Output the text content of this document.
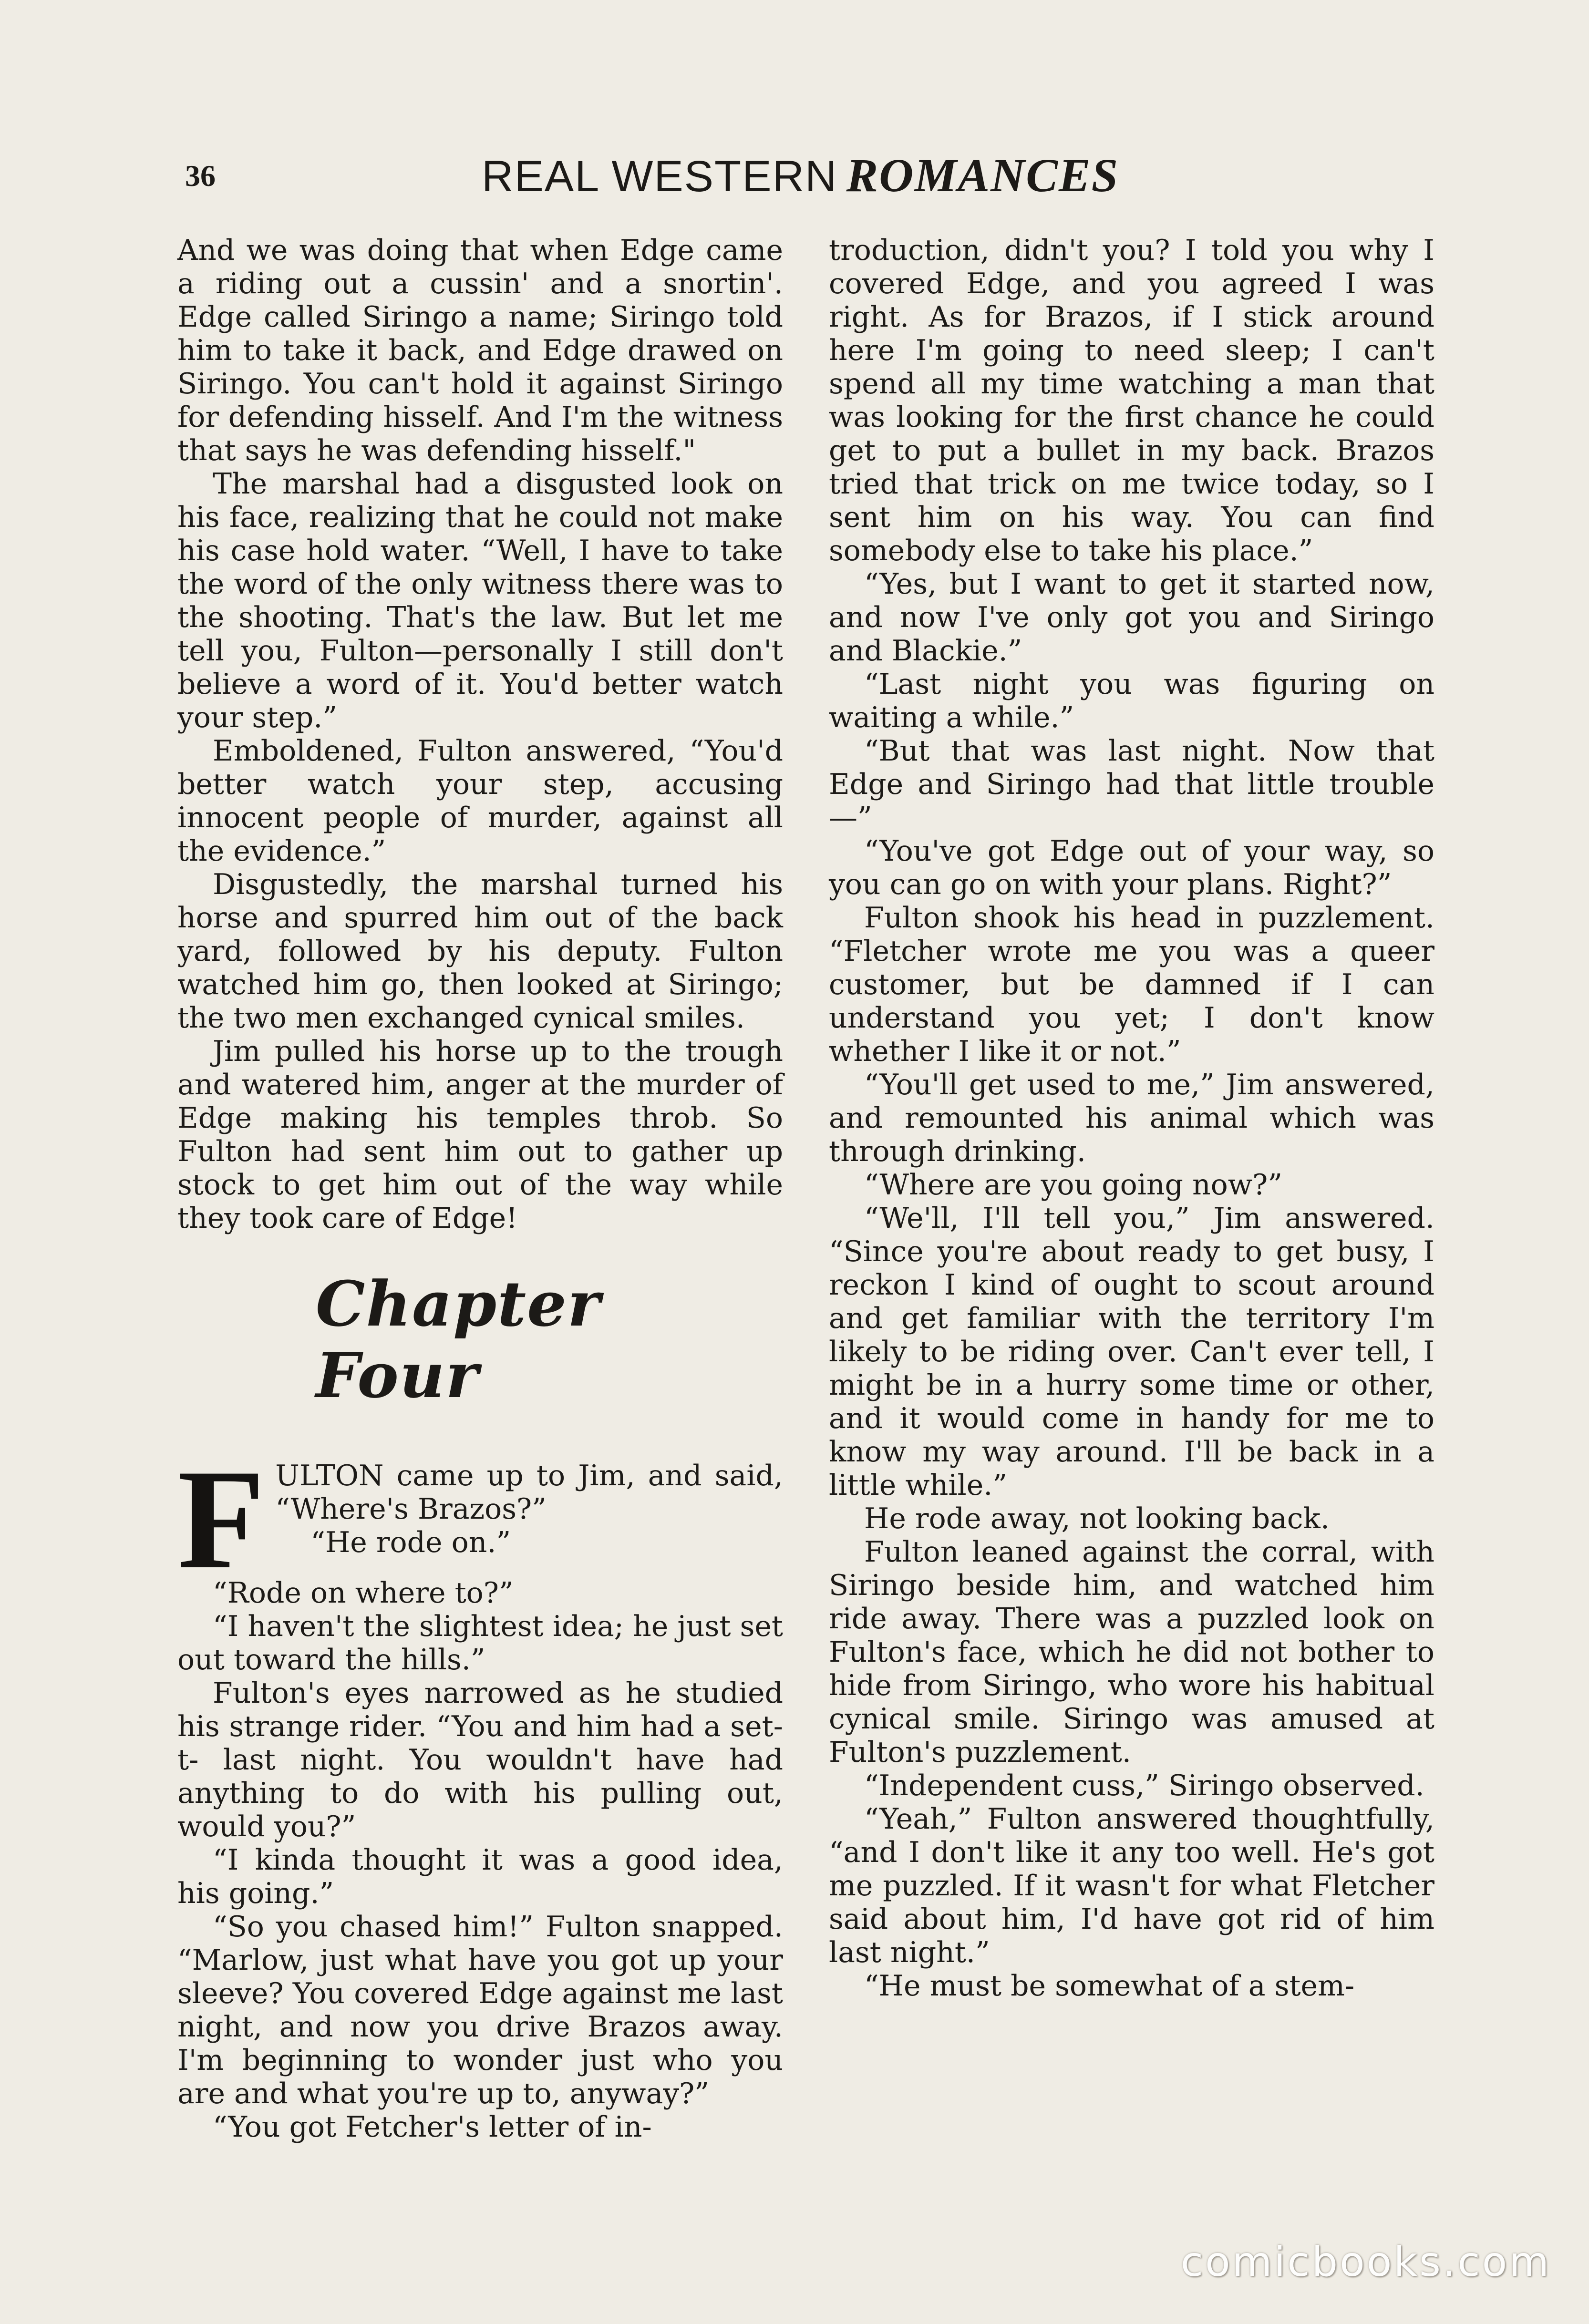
36	REAL WESTERN ROMANCES

And we was doing that when Edge came a riding out a cussin' and a snortin'. Edge called Siringo a name; Siringo told him to take it back, and Edge drawed on Siringo. You can't hold it against Siringo for defending hisself. And I'm the witness that says he was defending hisself."

The marshal had a disgusted look on his face, realizing that he could not make his case hold water. “Well, I have to take the word of the only witness there was to the shooting. That's the law. But let me tell you, Fulton—personally I still don't believe a word of it. You'd better watch your step.”

Emboldened, Fulton answered, “You'd better watch your step, accusing innocent people of murder, against all the evidence.”

Disgustedly, the marshal turned his horse and spurred him out of the back yard, followed by his deputy. Fulton watched him go, then looked at Siringo; the two men exchanged cynical smiles.

Jim pulled his horse up to the trough and watered him, anger at the murder of Edge making his temples throb. So Fulton had sent him out to gather up stock to get him out of the way while they took care of Edge!

Chapter Four
F ULTON came up to Jim, and said, “Where's Brazos?”

“He rode on.”

“Rode on where to?”

“I haven't the slightest idea; he just set out toward the hills.”

Fulton's eyes narrowed as he studied his strange rider. “You and him had a set-t- last night. You wouldn't have had anything to do with his pulling out, would you?”

“I kinda thought it was a good idea, his going.”

“So you chased him!” Fulton snapped. “Marlow, just what have you got up your sleeve? You covered Edge against me last night, and now you drive Brazos away. I'm beginning to wonder just who you are and what you're up to, anyway?”

“You got Fetcher's letter of in-

troduction, didn't you? I told you why I covered Edge, and you agreed I was right. As for Brazos, if I stick around here I'm going to need sleep; I can't spend all my time watching a man that was looking for the first chance he could get to put a bullet in my back. Brazos tried that trick on me twice today, so I sent him on his way. You can find somebody else to take his place.”

“Yes, but I want to get it started now, and now I've only got you and Siringo and Blackie.”

“Last night you was figuring on waiting a while.”

“But that was last night. Now that Edge and Siringo had that little trouble—”

“You've got Edge out of your way, so you can go on with your plans. Right?”

Fulton shook his head in puzzlement. “Fletcher wrote me you was a queer customer, but be damned if I can understand you yet; I don't know whether I like it or not.”

“You'll get used to me,” Jim answered, and remounted his animal which was through drinking.

“Where are you going now?”

“We'll, I'll tell you,” Jim answered. “Since you're about ready to get busy, I reckon I kind of ought to scout around and get familiar with the territory I'm likely to be riding over. Can't ever tell, I might be in a hurry some time or other, and it would come in handy for me to know my way around. I'll be back in a little while.”

He rode away, not looking back.

Fulton leaned against the corral, with Siringo beside him, and watched him ride away. There was a puzzled look on Fulton's face, which he did not bother to hide from Siringo, who wore his habitual cynical smile. Siringo was amused at Fulton's puzzlement.

“Independent cuss,” Siringo observed.

“Yeah,” Fulton answered thoughtfully, “and I don't like it any too well. He's got me puzzled. If it wasn't for what Fletcher said about him, I'd have got rid of him last night.”

“He must be somewhat of a stem-

comicbooks.com
